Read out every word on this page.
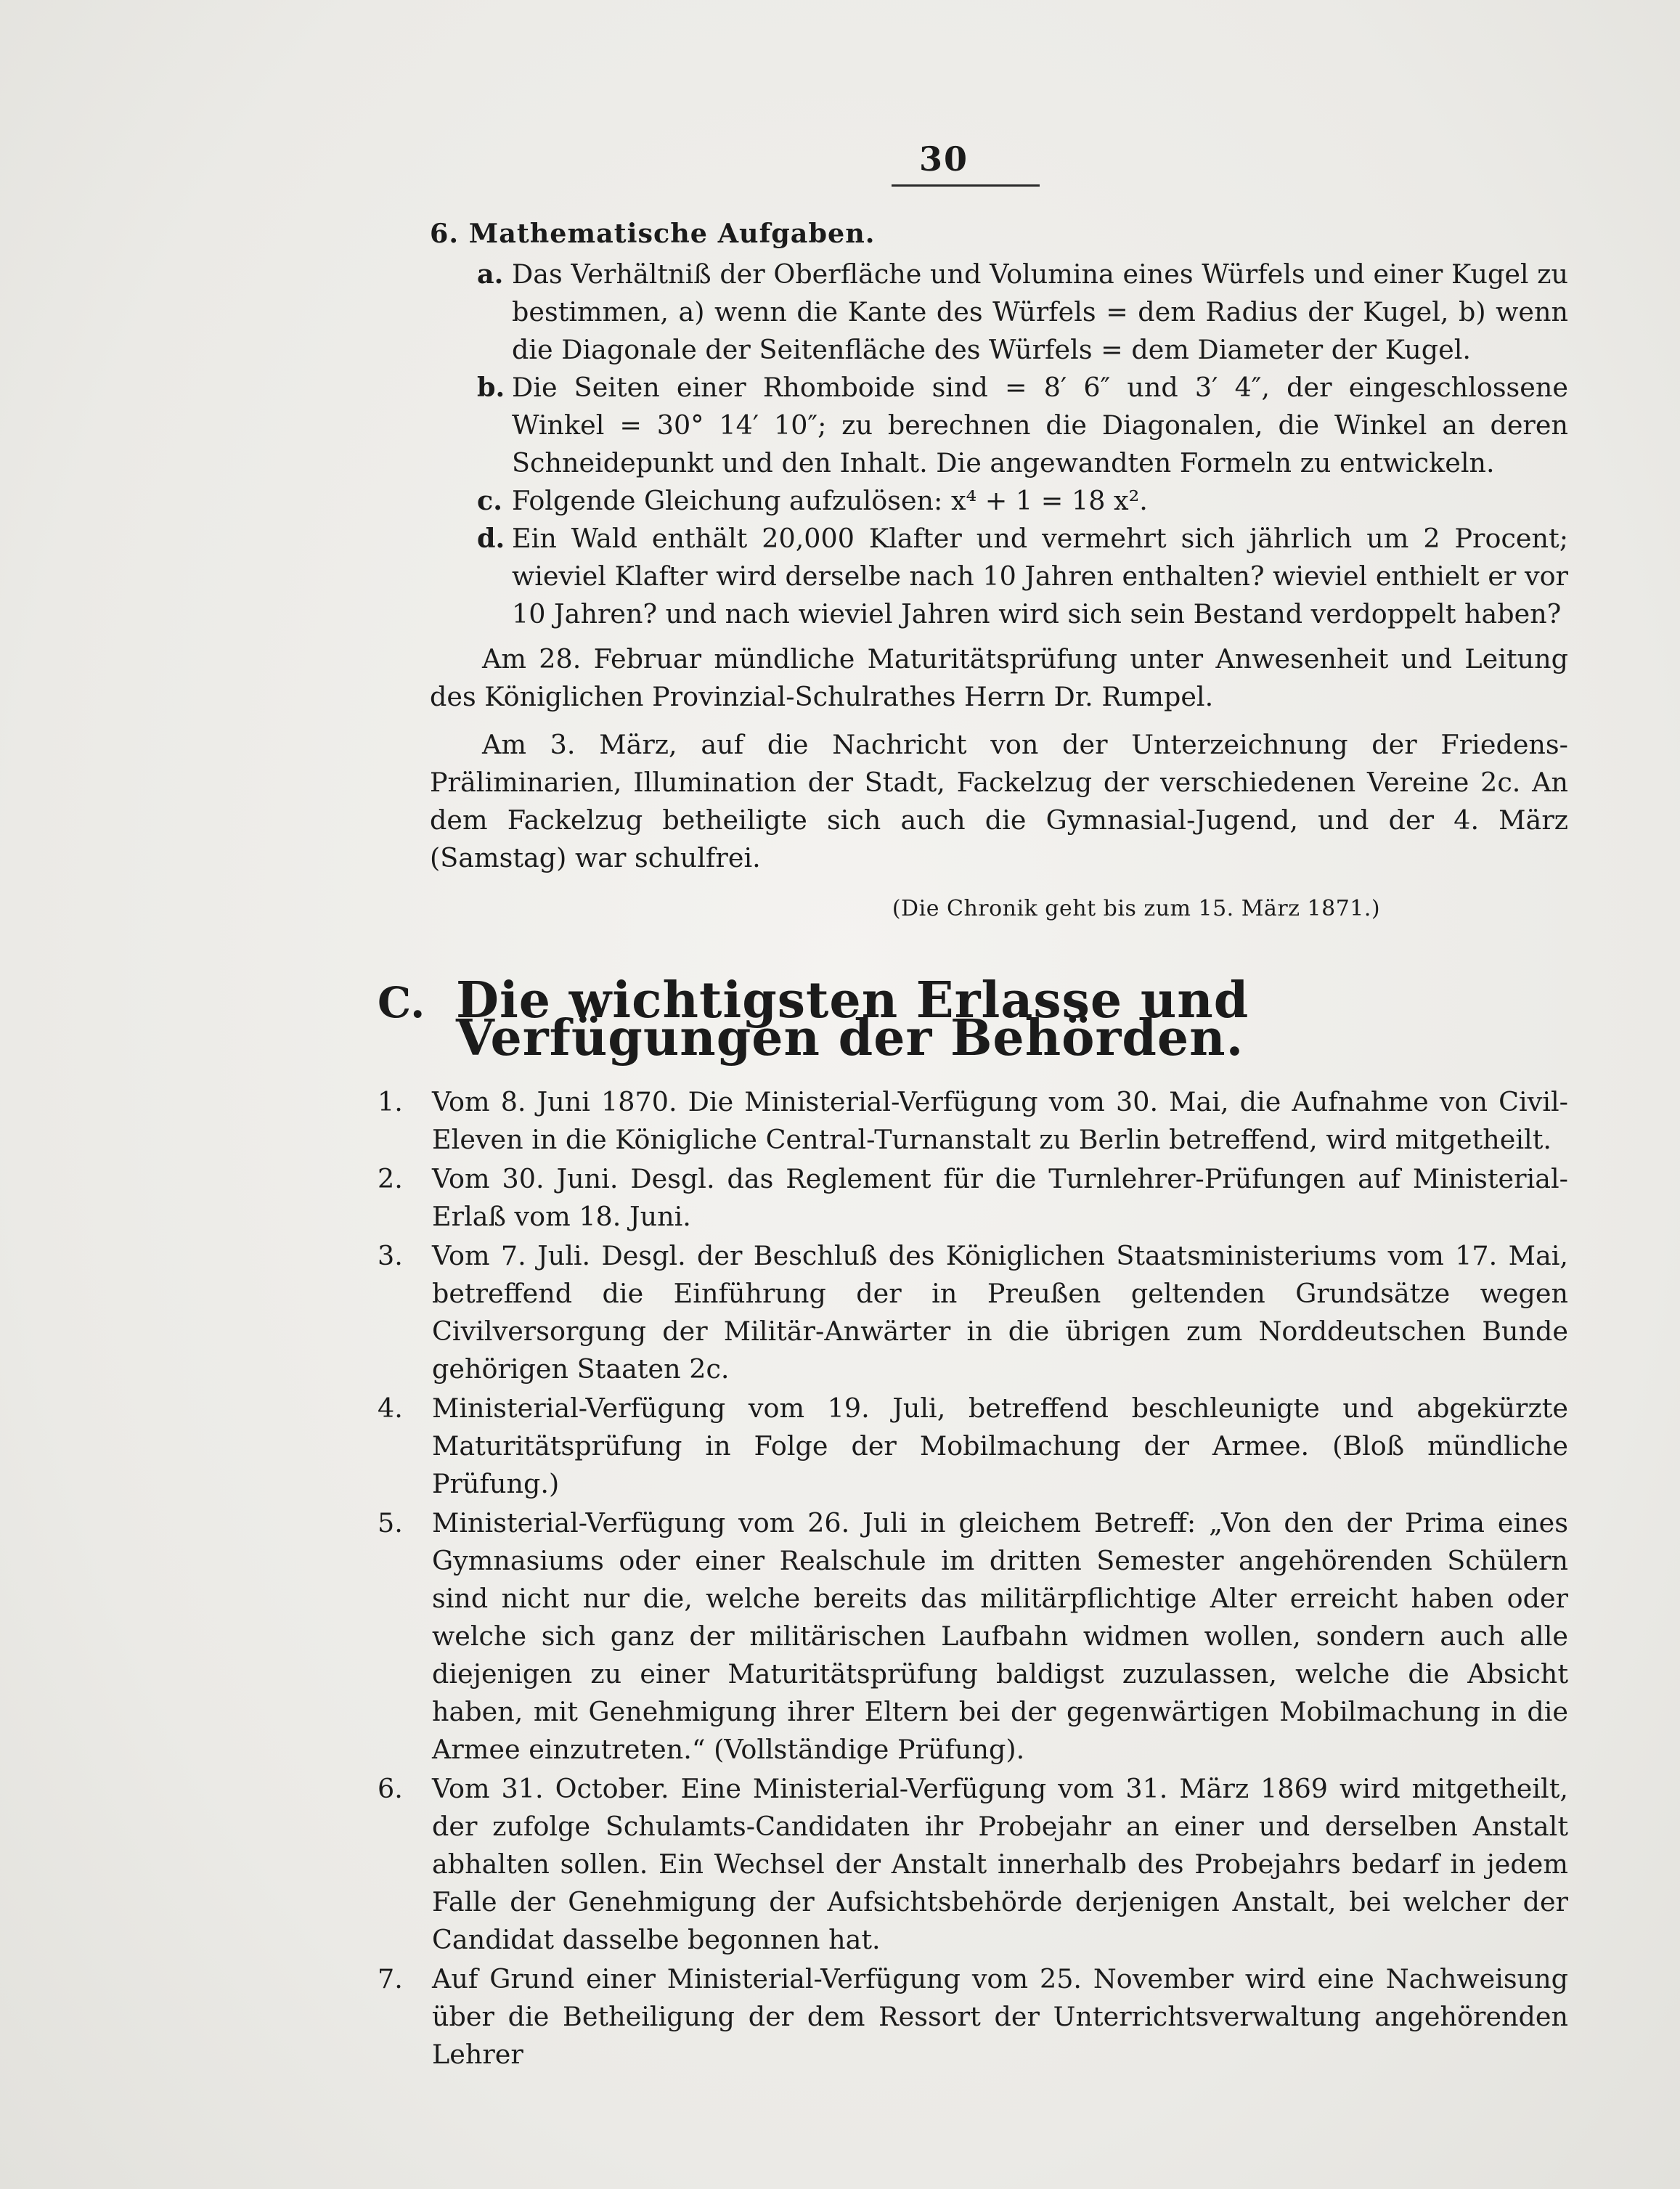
30
6. Mathematische Aufgaben.
a. Das Verhältniß der Oberfläche und Volumina eines Würfels und einer Kugel zu bestimmen, a) wenn die Kante des Würfels = dem Radius der Kugel, b) wenn die Diagonale der Seitenfläche des Würfels = dem Diameter der Kugel.
b. Die Seiten einer Rhomboide sind = 8′ 6″ und 3′ 4″, der eingeschlossene Winkel = 30° 14′ 10″; zu berechnen die Diagonalen, die Winkel an deren Schneidepunkt und den Inhalt. Die angewandten Formeln zu entwickeln.
c. Folgende Gleichung aufzulösen: x⁴ + 1 = 18 x².
d. Ein Wald enthält 20,000 Klafter und vermehrt sich jährlich um 2 Procent; wieviel Klafter wird derselbe nach 10 Jahren enthalten? wieviel enthielt er vor 10 Jahren? und nach wieviel Jahren wird sich sein Bestand verdoppelt haben?

Am 28. Februar mündliche Maturitätsprüfung unter Anwesenheit und Leitung des Königlichen Provinzial-Schulrathes Herrn Dr. Rumpel.

Am 3. März, auf die Nachricht von der Unterzeichnung der Friedens-Präliminarien, Illumination der Stadt, Fackelzug der verschiedenen Vereine 2c. An dem Fackelzug betheiligte sich auch die Gymnasial-Jugend, und der 4. März (Samstag) war schulfrei.

(Die Chronik geht bis zum 15. März 1871.)
C. Die wichtigsten Erlasse und Verfügungen der Behörden.
1.	Vom 8. Juni 1870. Die Ministerial-Verfügung vom 30. Mai, die Aufnahme von Civil-Eleven in die Königliche Central-Turnanstalt zu Berlin betreffend, wird mitgetheilt.
2.	Vom 30. Juni. Desgl. das Reglement für die Turnlehrer-Prüfungen auf Ministerial-Erlaß vom 18. Juni.
3.	Vom 7. Juli. Desgl. der Beschluß des Königlichen Staatsministeriums vom 17. Mai, betreffend die Einführung der in Preußen geltenden Grundsätze wegen Civilversorgung der Militär-Anwärter in die übrigen zum Norddeutschen Bunde gehörigen Staaten 2c.
4.	Ministerial-Verfügung vom 19. Juli, betreffend beschleunigte und abgekürzte Maturitätsprüfung in Folge der Mobilmachung der Armee. (Bloß mündliche Prüfung.)
5.	Ministerial-Verfügung vom 26. Juli in gleichem Betreff: „Von den der Prima eines Gymnasiums oder einer Realschule im dritten Semester angehörenden Schülern sind nicht nur die, welche bereits das militärpflichtige Alter erreicht haben oder welche sich ganz der militärischen Laufbahn widmen wollen, sondern auch alle diejenigen zu einer Maturitätsprüfung baldigst zuzulassen, welche die Absicht haben, mit Genehmigung ihrer Eltern bei der gegenwärtigen Mobilmachung in die Armee einzutreten.“ (Vollständige Prüfung).
6.	Vom 31. October. Eine Ministerial-Verfügung vom 31. März 1869 wird mitgetheilt, der zufolge Schulamts-Candidaten ihr Probejahr an einer und derselben Anstalt abhalten sollen. Ein Wechsel der Anstalt innerhalb des Probejahrs bedarf in jedem Falle der Genehmigung der Aufsichtsbehörde derjenigen Anstalt, bei welcher der Candidat dasselbe begonnen hat.
7.	Auf Grund einer Ministerial-Verfügung vom 25. November wird eine Nachweisung über die Betheiligung der dem Ressort der Unterrichtsverwaltung angehörenden Lehrer
